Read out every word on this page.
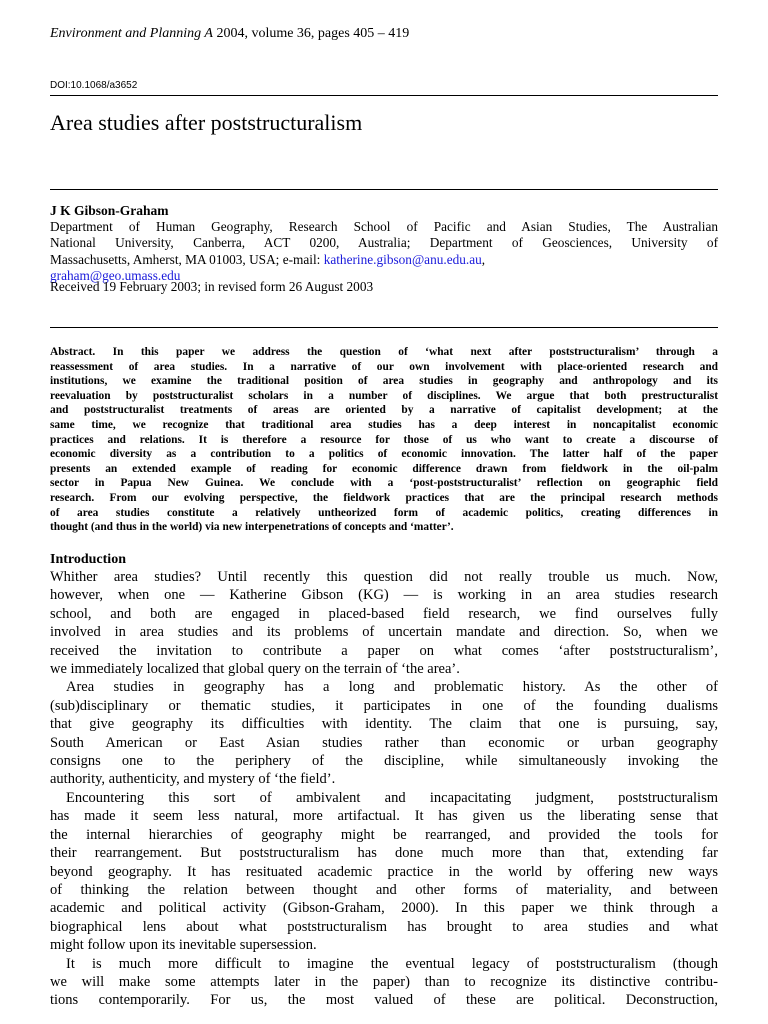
Environment and Planning A 2004, volume 36, pages 405 – 419
DOI:10.1068/a3652
Area studies after poststructuralism
J K Gibson-Graham
Department of Human Geography, Research School of Pacific and Asian Studies, The Australian
National University, Canberra, ACT 0200, Australia; Department of Geosciences, University of
Massachusetts, Amherst, MA 01003, USA; e-mail: katherine.gibson@anu.edu.au,
graham@geo.umass.edu
Received 19 February 2003; in revised form 26 August 2003
Abstract. In this paper we address the question of ‘what next after poststructuralism’ through a
reassessment of area studies. In a narrative of our own involvement with place-oriented research and
institutions, we examine the traditional position of area studies in geography and anthropology and its
reevaluation by poststructuralist scholars in a number of disciplines. We argue that both prestructuralist
and poststructuralist treatments of areas are oriented by a narrative of capitalist development; at the
same time, we recognize that traditional area studies has a deep interest in noncapitalist economic
practices and relations. It is therefore a resource for those of us who want to create a discourse of
economic diversity as a contribution to a politics of economic innovation. The latter half of the paper
presents an extended example of reading for economic difference drawn from fieldwork in the oil-palm
sector in Papua New Guinea. We conclude with a ‘post-poststructuralist’ reflection on geographic field
research. From our evolving perspective, the fieldwork practices that are the principal research methods
of area studies constitute a relatively untheorized form of academic politics, creating differences in
thought (and thus in the world) via new interpenetrations of concepts and ‘matter’.
Introduction
Whither area studies? Until recently this question did not really trouble us much. Now,
however, when one — Katherine Gibson (KG) — is working in an area studies research
school, and both are engaged in placed-based field research, we find ourselves fully
involved in area studies and its problems of uncertain mandate and direction. So, when we
received the invitation to contribute a paper on what comes ‘after poststructuralism’,
we immediately localized that global query on the terrain of ‘the area’.
Area studies in geography has a long and problematic history. As the other of
(sub)disciplinary or thematic studies, it participates in one of the founding dualisms
that give geography its difficulties with identity. The claim that one is pursuing, say,
South American or East Asian studies rather than economic or urban geography
consigns one to the periphery of the discipline, while simultaneously invoking the
authority, authenticity, and mystery of ‘the field’.
Encountering this sort of ambivalent and incapacitating judgment, poststructuralism
has made it seem less natural, more artifactual. It has given us the liberating sense that
the internal hierarchies of geography might be rearranged, and provided the tools for
their rearrangement. But poststructuralism has done much more than that, extending far
beyond geography. It has resituated academic practice in the world by offering new ways
of thinking the relation between thought and other forms of materiality, and between
academic and political activity (Gibson-Graham, 2000). In this paper we think through a
biographical lens about what poststructuralism has brought to area studies and what
might follow upon its inevitable supersession.
It is much more difficult to imagine the eventual legacy of poststructuralism (though
we will make some attempts later in the paper) than to recognize its distinctive contribu-
tions contemporarily. For us, the most valued of these are political. Deconstruction,
